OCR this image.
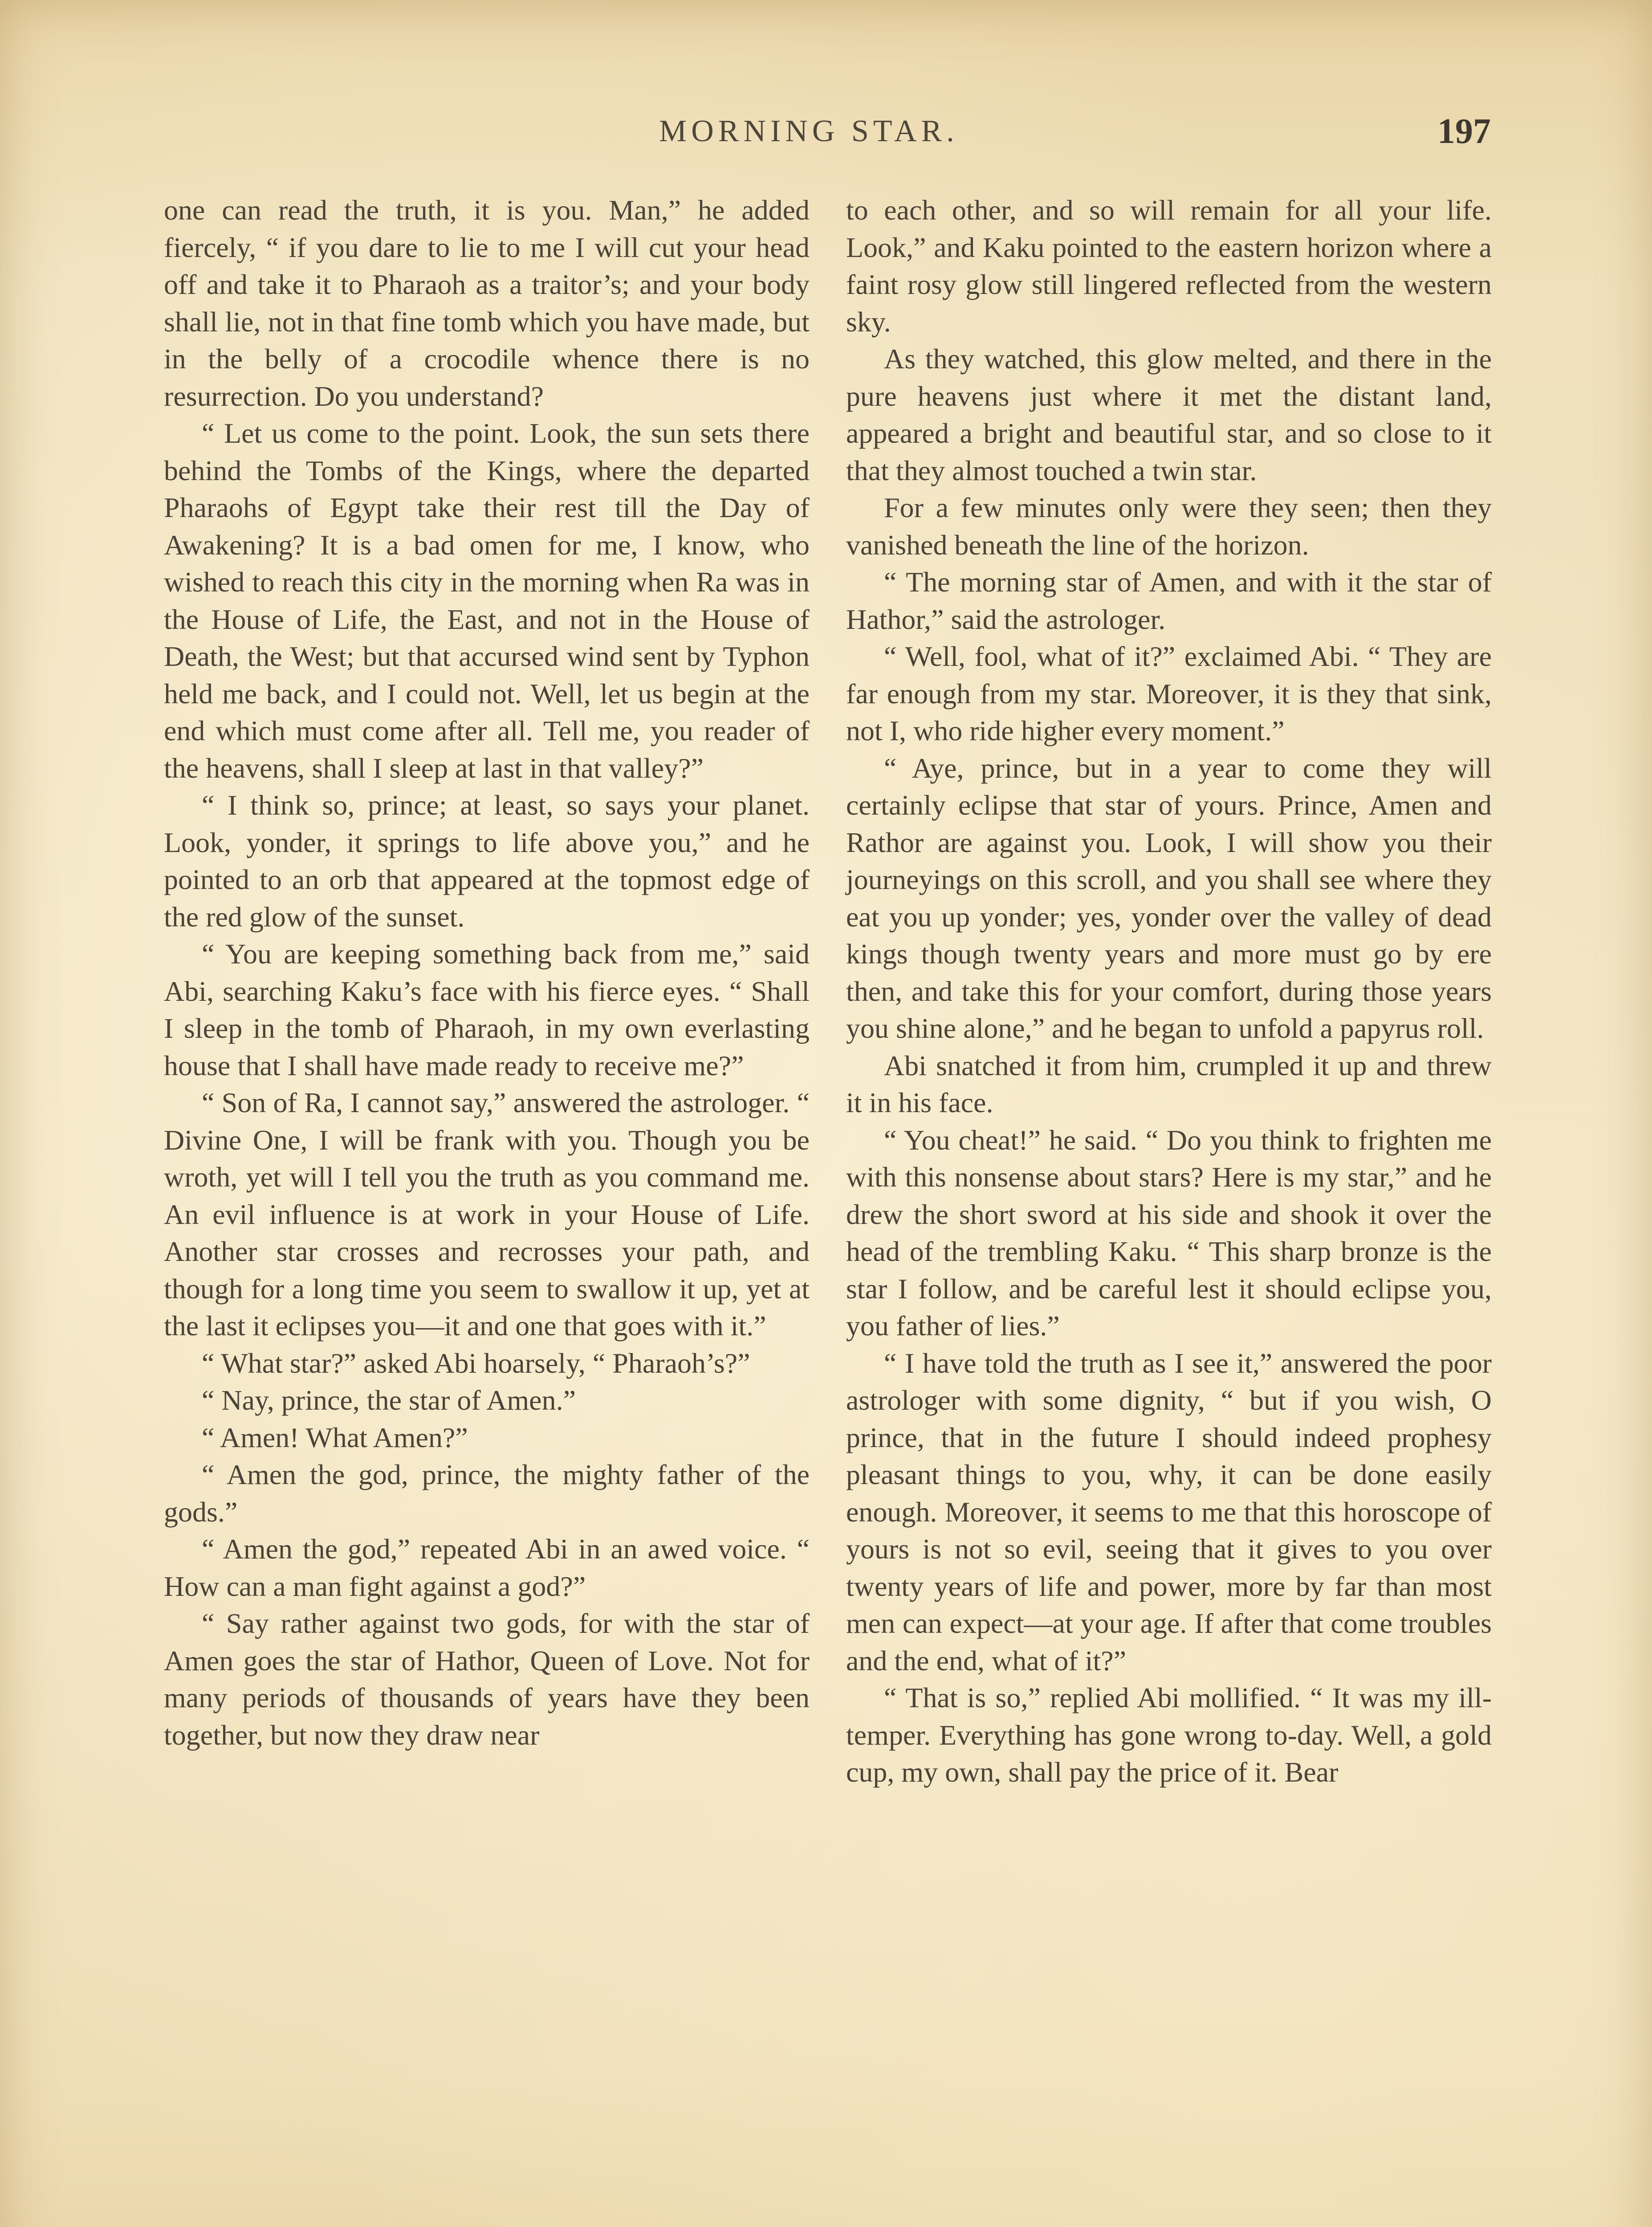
MORNING STAR.	197

one can read the truth, it is you. Man,” he added fiercely, “ if you dare to lie to me I will cut your head off and take it to Pharaoh as a traitor’s; and your body shall lie, not in that fine tomb which you have made, but in the belly of a crocodile whence there is no resurrection. Do you understand?

“ Let us come to the point. Look, the sun sets there behind the Tombs of the Kings, where the departed Pharaohs of Egypt take their rest till the Day of Awakening? It is a bad omen for me, I know, who wished to reach this city in the morning when Ra was in the House of Life, the East, and not in the House of Death, the West; but that accursed wind sent by Typhon held me back, and I could not. Well, let us begin at the end which must come after all. Tell me, you reader of the heavens, shall I sleep at last in that valley?”

“ I think so, prince; at least, so says your planet. Look, yonder, it springs to life above you,” and he pointed to an orb that appeared at the topmost edge of the red glow of the sunset.

“ You are keeping something back from me,” said Abi, searching Kaku’s face with his fierce eyes. “ Shall I sleep in the tomb of Pharaoh, in my own everlasting house that I shall have made ready to receive me?”

“ Son of Ra, I cannot say,” answered the astrologer. “ Divine One, I will be frank with you. Though you be wroth, yet will I tell you the truth as you command me. An evil influence is at work in your House of Life. Another star crosses and recrosses your path, and though for a long time you seem to swallow it up, yet at the last it eclipses you—it and one that goes with it.”

“ What star?” asked Abi hoarsely, “ Pharaoh’s?”

“ Nay, prince, the star of Amen.”

“ Amen! What Amen?”

“ Amen the god, prince, the mighty father of the gods.”

“ Amen the god,” repeated Abi in an awed voice. “ How can a man fight against a god?”

“ Say rather against two gods, for with the star of Amen goes the star of Hathor, Queen of Love. Not for many periods of thousands of years have they been together, but now they draw near

to each other, and so will remain for all your life. Look,” and Kaku pointed to the eastern horizon where a faint rosy glow still lingered reflected from the western sky.

As they watched, this glow melted, and there in the pure heavens just where it met the distant land, appeared a bright and beautiful star, and so close to it that they almost touched a twin star.

For a few minutes only were they seen; then they vanished beneath the line of the horizon.

“ The morning star of Amen, and with it the star of Hathor,” said the astrologer.

“ Well, fool, what of it?” exclaimed Abi. “ They are far enough from my star. Moreover, it is they that sink, not I, who ride higher every moment.”

“ Aye, prince, but in a year to come they will certainly eclipse that star of yours. Prince, Amen and Rathor are against you. Look, I will show you their journeyings on this scroll, and you shall see where they eat you up yonder; yes, yonder over the valley of dead kings though twenty years and more must go by ere then, and take this for your comfort, during those years you shine alone,” and he began to unfold a papyrus roll.

Abi snatched it from him, crumpled it up and threw it in his face.

“ You cheat!” he said. “ Do you think to frighten me with this nonsense about stars? Here is my star,” and he drew the short sword at his side and shook it over the head of the trembling Kaku. “ This sharp bronze is the star I follow, and be careful lest it should eclipse you, you father of lies.”

“ I have told the truth as I see it,” answered the poor astrologer with some dignity, “ but if you wish, O prince, that in the future I should indeed prophesy pleasant things to you, why, it can be done easily enough. Moreover, it seems to me that this horoscope of yours is not so evil, seeing that it gives to you over twenty years of life and power, more by far than most men can expect—at your age. If after that come troubles and the end, what of it?”

“ That is so,” replied Abi mollified. “ It was my ill-temper. Everything has gone wrong to-day. Well, a gold cup, my own, shall pay the price of it. Bear
